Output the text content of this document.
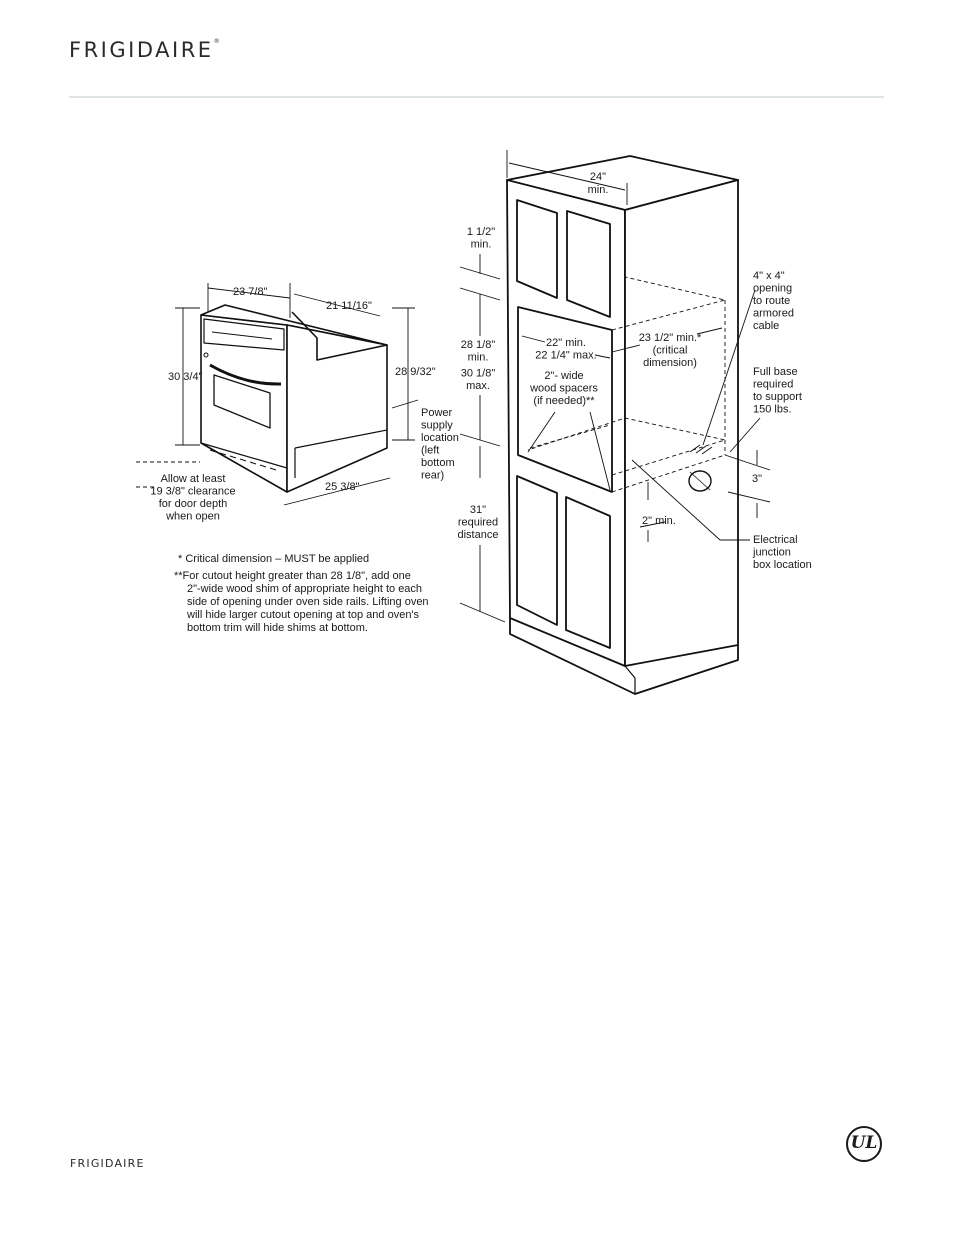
FRIGIDAIRE®
23 7/8"
21 11/16"
30 3/4"	28 9/32"
25 3/8"
Power supply location (left bottom rear)
Allow at least 19 3/8" clearance for door depth when open
24" min.
1 1/2" min.
28 1/8" min. 30 1/8" max.
22" min. 22 1/4" max.
23 1/2" min.* (critical dimension)
2"- wide wood spacers (if needed)**
31" required distance
2" min.
4" x 4" opening to route armored cable
Full base required to support 150 lbs.
3"
Electrical junction box location
* Critical dimension – MUST be applied
**For cutout height greater than 28 1/8", add one
2"-wide wood shim of appropriate height to each
side of opening under oven side rails. Lifting oven
will hide larger cutout opening at top and oven's
bottom trim will hide shims at bottom.
FRIGIDAIRE
UL
